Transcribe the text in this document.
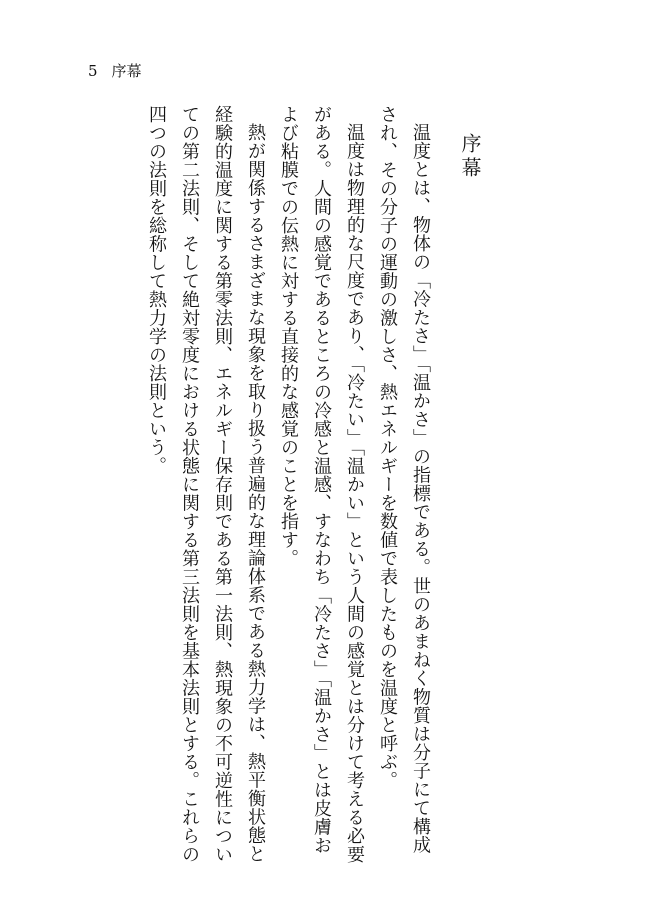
5 序幕
序幕

温度とは、物体の「冷たさ」「温かさ」の指標である。世のあまねく物質は分子にて構成され、その分子の運動の激しさ、熱エネルギーを数値で表したものを温度と呼ぶ。

温度は物理的な尺度であり、「冷たい」「温かい」という人間の感覚とは分けて考える必要がある。人間の感覚であるところの冷感と温感、すなわち「冷たさ」「温かさ」とは皮膚および粘膜での伝熱に対する直接的な感覚のことを指す。

熱が関係するさまざまな現象を取り扱う普遍的な理論体系である熱力学は、熱平衡状態と経験的温度に関する第零法則、エネルギー保存則である第一法則、熱現象の不可逆性についての第二法則、そして絶対零度における状態に関する第三法則を基本法則とする。これらの四つの法則を総称して熱力学の法則という。
